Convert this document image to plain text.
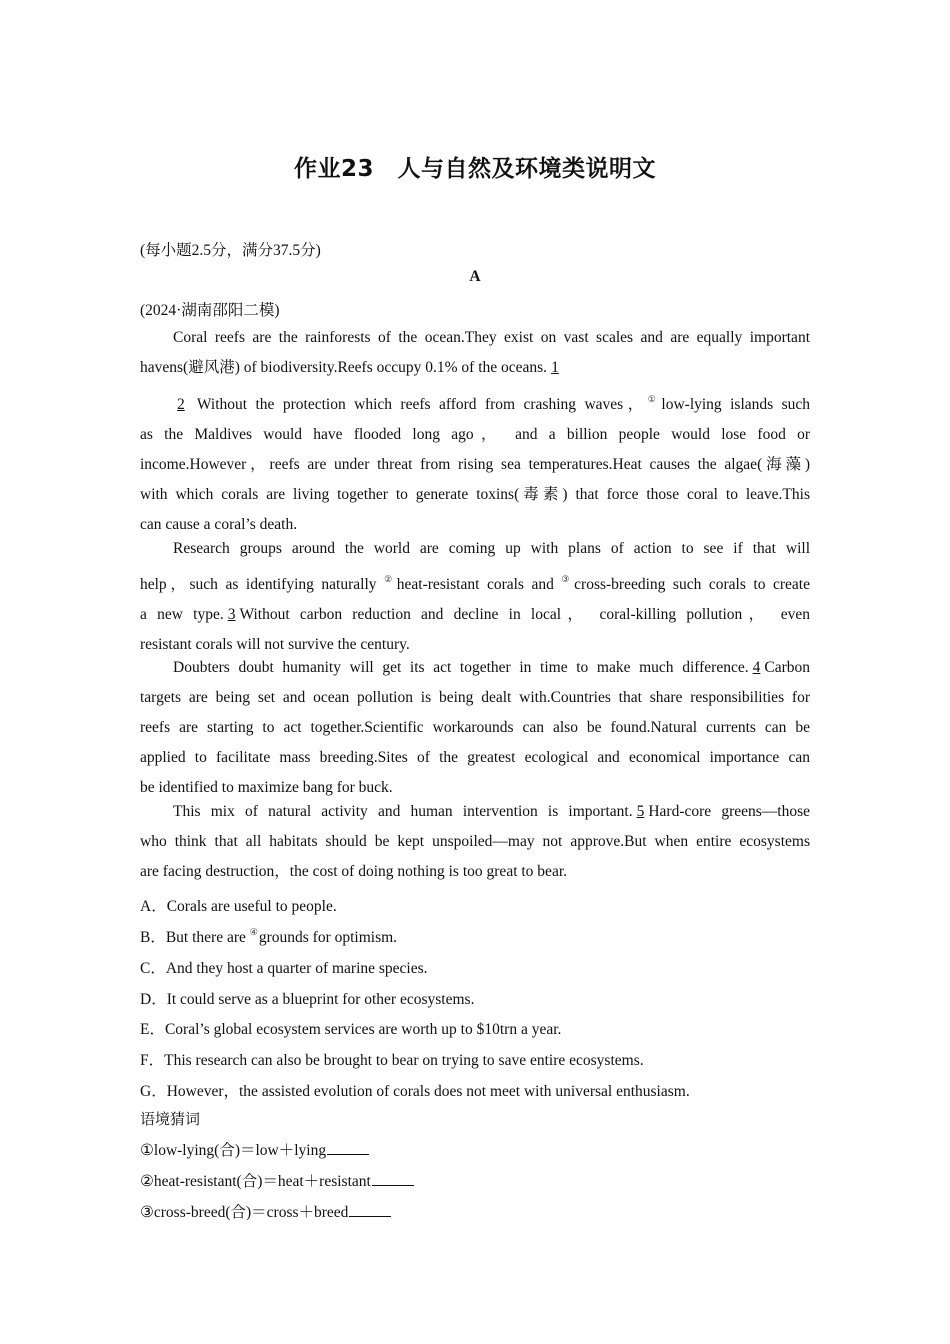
作业23　人与自然及环境类说明文
(每小题2.5分，满分37.5分)
A
(2024·湖南邵阳二模)

Coral reefs are the rainforests of the ocean.They exist on vast scales and are equally important

havens(避风港) of biodiversity.Reefs occupy 0.1% of the oceans. 1

2 Without the protection which reefs afford from crashing waves，①low-lying islands such

as the Maldives would have flooded long ago， and a billion people would lose food or

income.However，reefs are under threat from rising sea temperatures.Heat causes the algae(海藻)

with which corals are living together to generate toxins(毒素) that force those coral to leave.This

can cause a coral’s death.

Research groups around the world are coming up with plans of action to see if that will

help，such as identifying naturally ②heat-resistant corals and ③cross-breeding such corals to create

a new type. 3 Without carbon reduction and decline in local， coral-killing pollution， even

resistant corals will not survive the century.

Doubters doubt humanity will get its act together in time to make much difference. 4 Carbon

targets are being set and ocean pollution is being dealt with.Countries that share responsibilities for

reefs are starting to act together.Scientific workarounds can also be found.Natural currents can be

applied to facilitate mass breeding.Sites of the greatest ecological and economical importance can

be identified to maximize bang for buck.

This mix of natural activity and human intervention is important. 5 Hard-core greens—those

who think that all habitats should be kept unspoiled—may not approve.But when entire ecosystems

are facing destruction，the cost of doing nothing is too great to bear.

A．Corals are useful to people.
B．But there are ④grounds for optimism.
C．And they host a quarter of marine species.
D．It could serve as a blueprint for other ecosystems.
E．Coral’s global ecosystem services are worth up to $10trn a year.
F．This research can also be brought to bear on trying to save entire ecosystems.
G．However，the assisted evolution of corals does not meet with universal enthusiasm.
语境猜词
①low-lying(合)＝low＋lying
②heat-resistant(合)＝heat＋resistant
③cross-breed(合)＝cross＋breed
